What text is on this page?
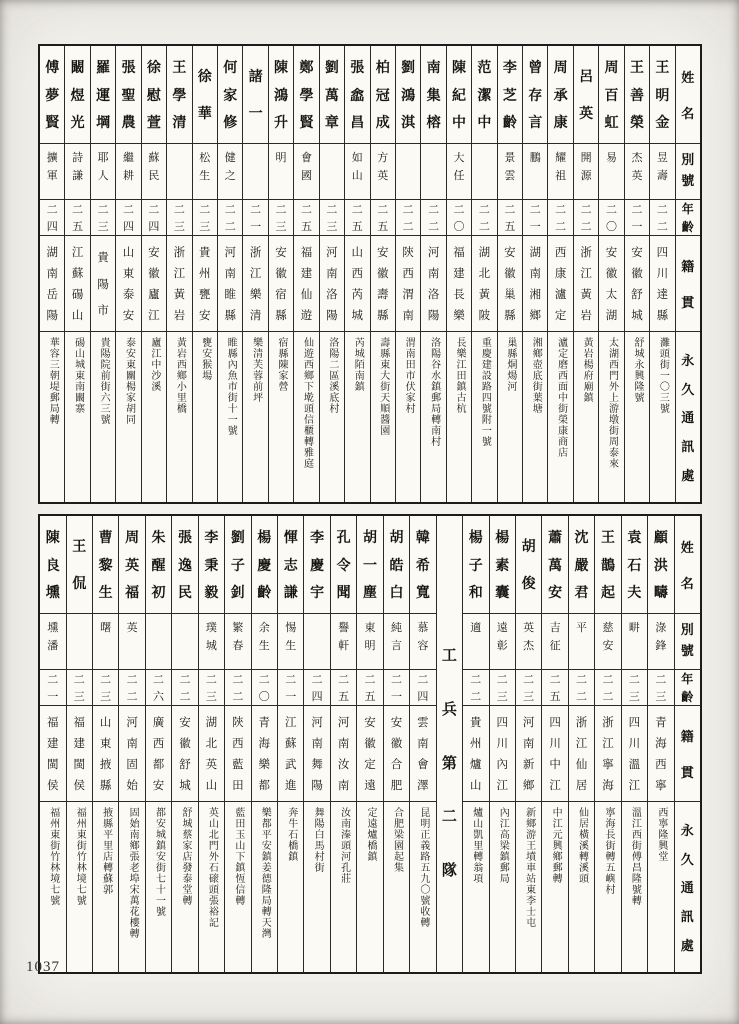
姓
名
別
號
年
齡
籍
貫
永
久
通
訊
處
王
明
金
昱
壽
二
二
四
川
達
縣
灘頭街一〇三號
王
善
榮
杰
英
二
一
安
徽
舒
城
舒城永興隆號
周
百
虹
易
二
〇
安
徽
太
湖
太湖西門外上游墩街周泰來
呂
英
開
源
二
二
浙
江
黃
岩
黃岩楊府廟鎮
周
承
康
耀
祖
二
二
西
康
瀘
定
瀘定磨西面中街榮康商店
曾
存
言
鵬
二
一
湖
南
湘
鄉
湘鄉壺底街葉塘
李
芝
齡
景
雲
二
五
安
徽
巢
縣
巢縣烔煬河
范
潔
中
二
二
湖
北
黃
陂
重慶建設路四號附一號
陳
紀
中
大
任
二
〇
福
建
長
樂
長樂江田鎮古杭
南
集
榕
二
二
河
南
洛
陽
洛陽谷水鎮郵局轉南村
劉
鴻
淇
二
二
陝
西
渭
南
渭南田市伏家村
柏
冠
成
方
英
二
五
安
徽
壽
縣
壽縣東大街天順醬園
張
嵞
昌
如
山
二
五
山
西
芮
城
芮城陌南鎮
劉
萬
章
二
三
河
南
洛
陽
洛陽二區溪底村
鄭
學
賢
會
國
二
五
福
建
仙
遊
仙遊西鄉下墘頭信櫃轉雅庭
陳
鴻
升
明
二
三
安
徽
宿
縣
宿縣陳家營
諸
一
二
一
浙
江
樂
清
樂清芙蓉前坪
何
家
修
健
之
二
二
河
南
睢
縣
睢縣內魚市街十一號
徐
華
松
生
二
三
貴
州
甕
安
甕安猴場
王
學
清
二
三
浙
江
黃
岩
黃岩西鄉小里橋
徐
慰
萱
蘇
民
二
四
安
徽
廬
江
廬江中沙溪
張
聖
農
繼
耕
二
四
山
東
泰
安
泰安東關楊家胡同
羅
運
堈
耶
人
二
三
貴
陽
市
貴陽院前街六三號
闞
煜
光
詩
謙
二
五
江
蘇
碭
山
碭山城東南闞寨
傅
夢
賢
擴
軍
二
四
湖
南
岳
陽
華容三朝堤郵局轉
姓
名
別
號
年
齡
籍
貫
永
久
通
訊
處
顧
洪
疇
淥
鋒
二
三
青
海
西
寧
西寧隆興堂
袁
石
夫
畊
二
三
四
川
溫
江
溫江西街傅昌隆號轉
王
鵲
起
慈
安
二
二
浙
江
寧
海
寧海長街轉五嶼村
沈
嚴
君
平
二
二
浙
江
仙
居
仙居橫溪轉溪頭
蕭
萬
安
吉
征
二
五
四
川
中
江
中江元興鄉郵轉
胡
俊
英
杰
二
三
河
南
新
鄉
新鄉游王墳車站東李士屯
楊
素
囊
遠
彰
二
三
四
川
內
江
內江高梁鎮郵局
楊
子
和
適
二
二
貴
州
爐
山
爐山凱里轉翁項
工
兵
第
二
隊
韓
希
寬
慕
容
二
四
雲
南
會
澤
昆明正義路五九〇號收轉
胡
皓
白
純
言
二
一
安
徽
合
肥
合肥梁園起集
胡
一
塵
東
明
二
五
安
徽
定
遠
定遠爐橋鎮
孔
令
聞
譽
軒
二
五
河
南
汝
南
汝南溱頭河孔莊
李
慶
宇
二
四
河
南
舞
陽
舞陽白馬村街
惲
志
謙
惕
生
二
一
江
蘇
武
進
奔牛石橋鎮
楊
慶
齡
余
生
二
〇
青
海
樂
都
樂都平安鎮姜德隆局轉天灣
劉
子
釗
繁
春
二
二
陝
西
藍
田
藍田玉山下鎮恆信轉
李
秉
毅
璞
城
二
三
湖
北
英
山
英山北門外石磙頭張裕記
張
逸
民
二
二
安
徽
舒
城
舒城蔡家店發泰堂轉
朱
醒
初
二
六
廣
西
都
安
都安城鎮安街七十一號
周
英
福
英
二
二
河
南
固
始
固始南鄉張老埠宋萬花樓轉
曹
黎
生
曙
二
三
山
東
掖
縣
掖縣平里店轉蘇郭
王
侃
二
三
福
建
閩
侯
福州東街竹林境七號
陳
良
壎
壎
潘
二
一
福
建
閩
侯
福州東街竹林境七號
1037
